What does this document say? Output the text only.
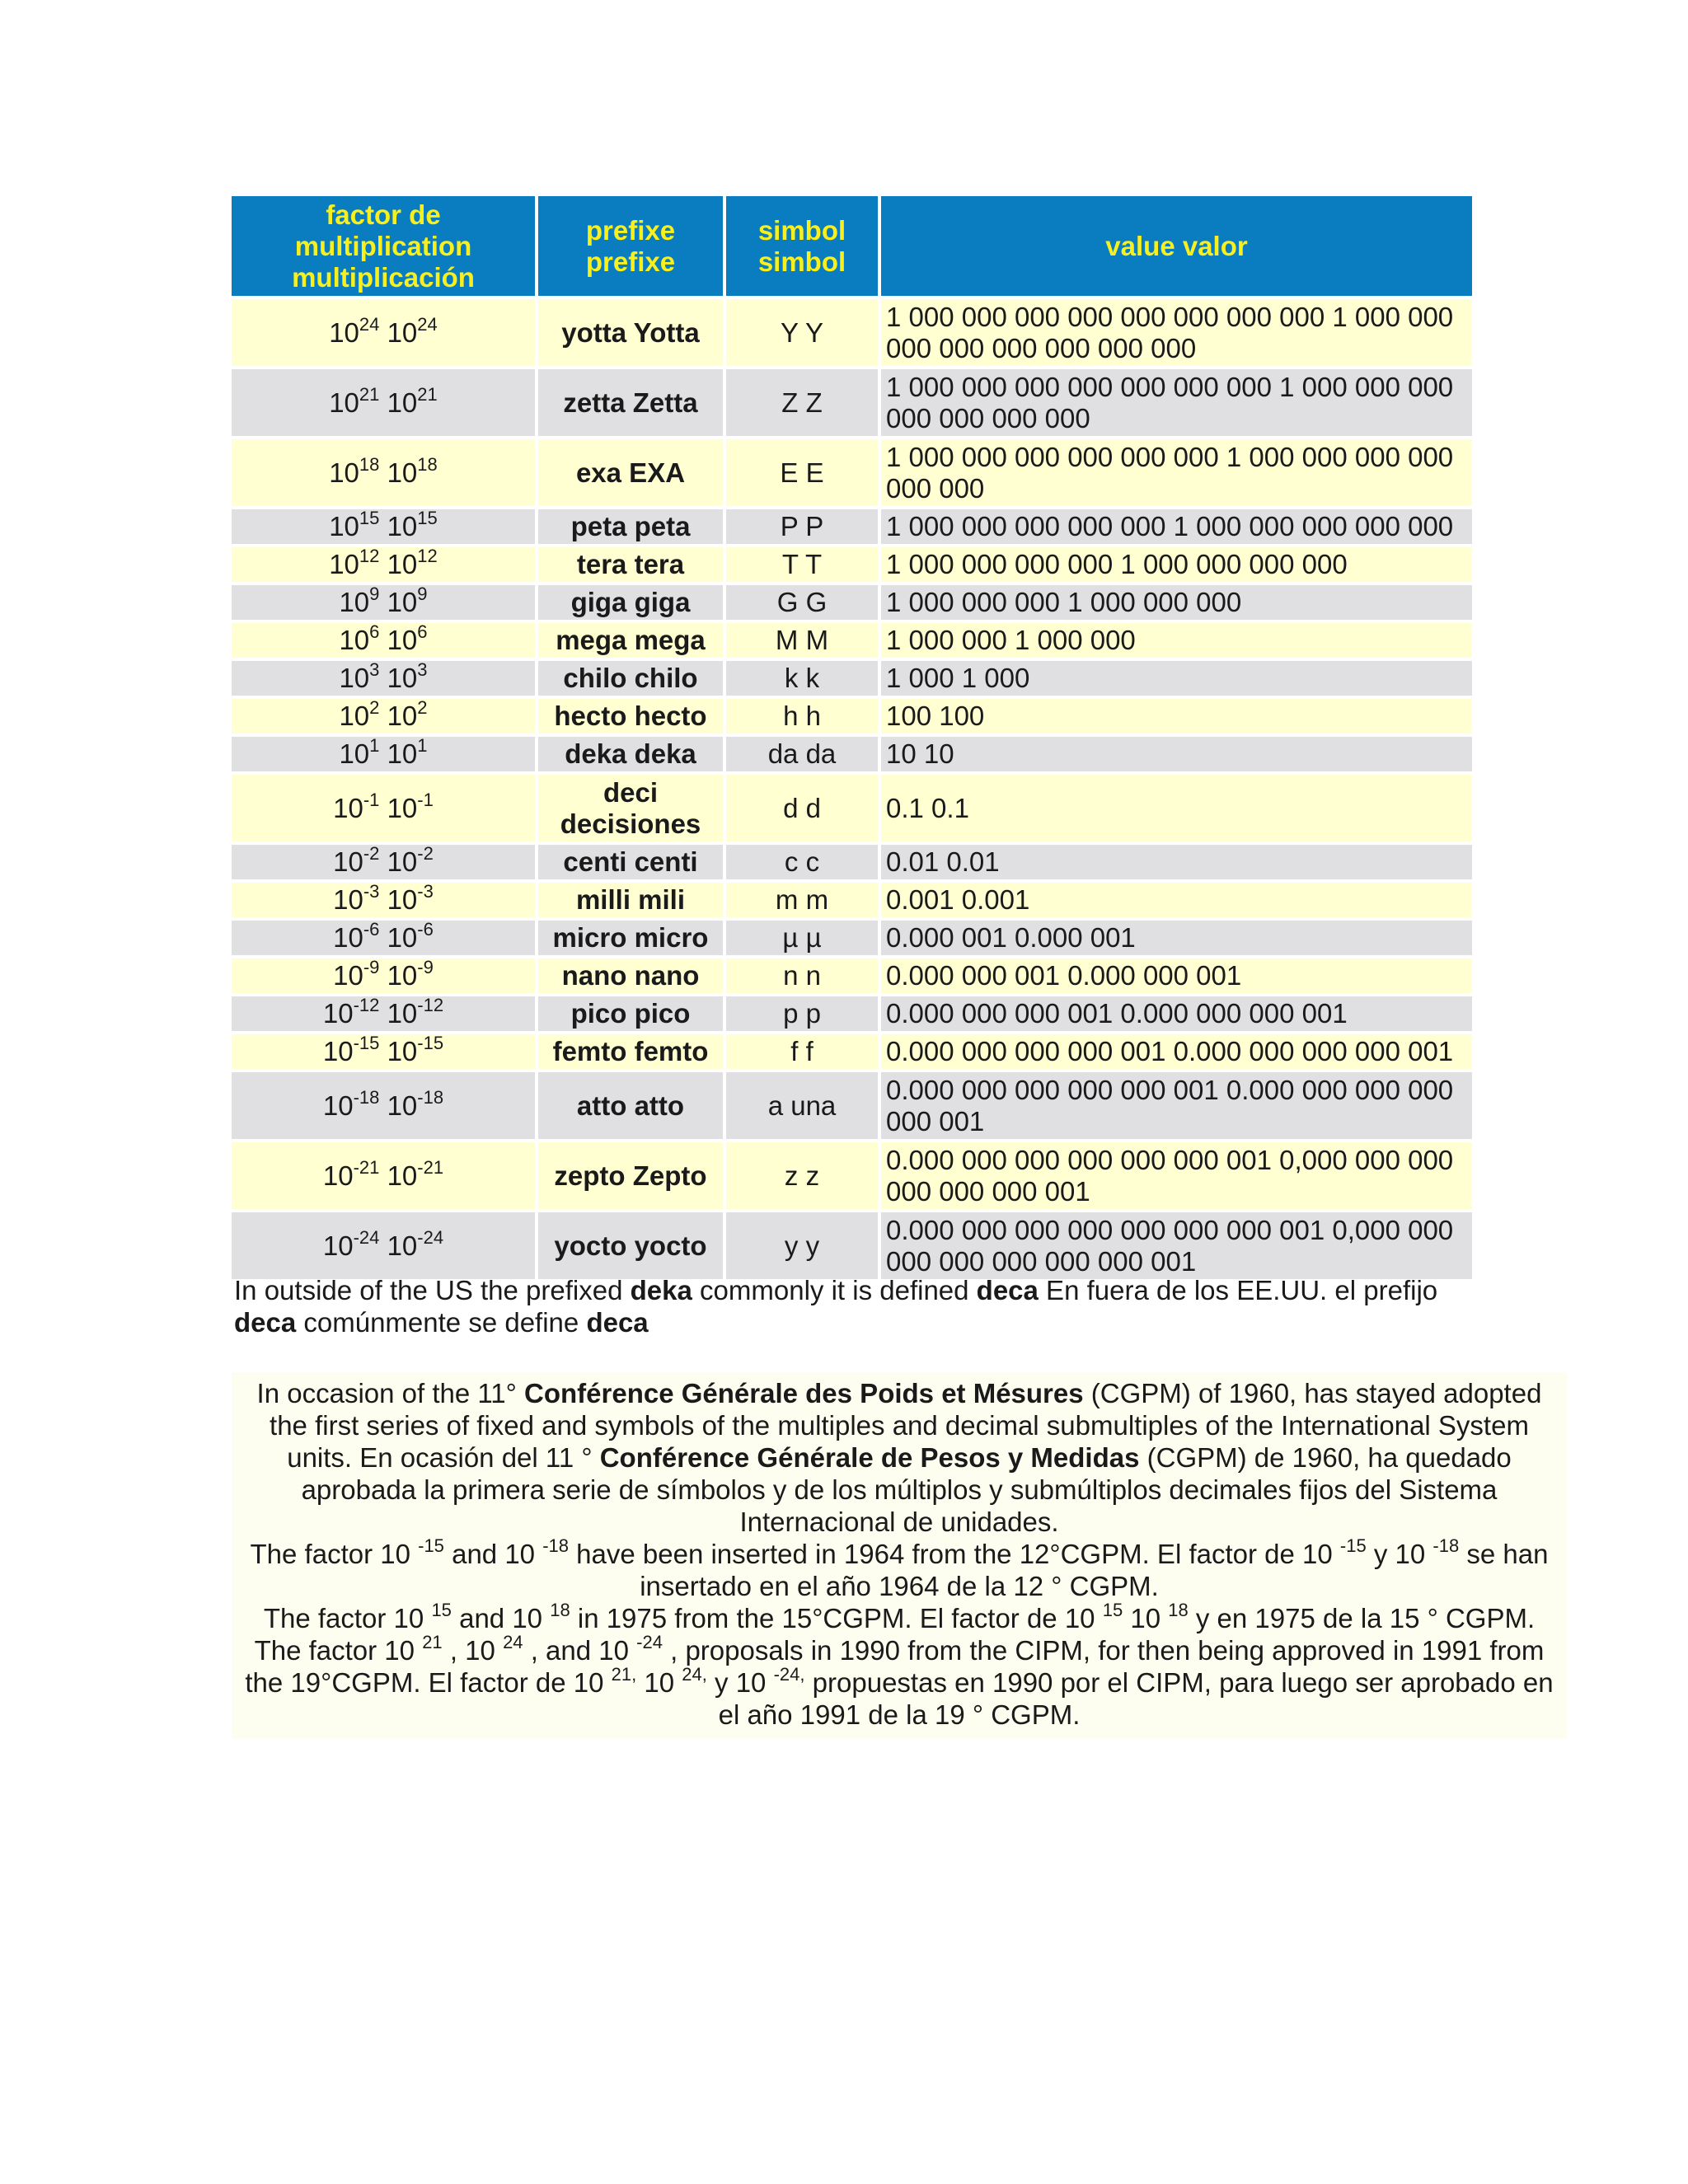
factor de multiplication multiplicación	prefixe prefixe	simbol simbol	value valor
$10^{24}$ $10^{24}$	yotta Yotta	Y Y	1 000 000 000 000 000 000 000 000 1 000 000 000 000 000 000 000 000
$10^{21}$ $10^{21}$	zetta Zetta	Z Z	1 000 000 000 000 000 000 000 1 000 000 000 000 000 000 000
$10^{18}$ $10^{18}$	exa EXA	E E	1 000 000 000 000 000 000 1 000 000 000 000 000 000
$10^{15}$ $10^{15}$	peta peta	P P	1 000 000 000 000 000 1 000 000 000 000 000
$10^{12}$ $10^{12}$	tera tera	T T	1 000 000 000 000 1 000 000 000 000
$10^9$ $10^9$	giga giga	G G	1 000 000 000 1 000 000 000
$10^6$ $10^6$	mega mega	M M	1 000 000 1 000 000
$10^3$ $10^3$	chilo chilo	k k	1 000 1 000
$10^2$ $10^2$	hecto hecto	h h	100 100
$10^1$ $10^1$	deka deka	da da	10 10
$10^{-1}$ $10^{-1}$	deci decisiones	d d	0.1 0.1
$10^{-2}$ $10^{-2}$	centi centi	c c	0.01 0.01
$10^{-3}$ $10^{-3}$	milli mili	m m	0.001 0.001
$10^{-6}$ $10^{-6}$	micro micro	µ µ	0.000 001 0.000 001
$10^{-9}$ $10^{-9}$	nano nano	n n	0.000 000 001 0.000 000 001
$10^{-12}$ $10^{-12}$	pico pico	p p	0.000 000 000 001 0.000 000 000 001
$10^{-15}$ $10^{-15}$	femto femto	f f	0.000 000 000 000 001 0.000 000 000 000 001
$10^{-18}$ $10^{-18}$	atto atto	a una	0.000 000 000 000 000 001 0.000 000 000 000 000 001
$10^{-21}$ $10^{-21}$	zepto Zepto	z z	0.000 000 000 000 000 000 001 0,000 000 000 000 000 000 001
$10^{-24}$ $10^{-24}$	yocto yocto	y y	0.000 000 000 000 000 000 000 001 0,000 000 000 000 000 000 000 001
In outside of the US the prefixed deka commonly it is defined deca En fuera de los EE.UU. el prefijo deca comúnmente se define deca

In occasion of the 11° Conférence Générale des Poids et Mésures (CGPM) of 1960, has stayed adopted the first series of fixed and symbols of the multiples and decimal submultiples of the International System units. En ocasión del 11 ° Conférence Générale de Pesos y Medidas (CGPM) de 1960, ha quedado aprobada la primera serie de símbolos y de los múltiplos y submúltiplos decimales fijos del Sistema Internacional de unidades.

The factor 10 $^{-15}$ and 10 $^{-18}$ have been inserted in 1964 from the 12°CGPM. El factor de 10 $^{-15}$ y 10 $^{-18}$ se han insertado en el año 1964 de la 12 ° CGPM.

The factor 10 $^{15}$ and 10 $^{18}$ in 1975 from the 15°CGPM. El factor de 10 $^{15}$ 10 $^{18}$ y en 1975 de la 15 ° CGPM.

The factor 10 $^{21}$ , 10 $^{24}$ , and 10 $^{-24}$ , proposals in 1990 from the CIPM, for then being approved in 1991 from the 19°CGPM. El factor de 10 $^{21,}$ 10 $^{24,}$ y 10 $^{-24,}$ propuestas en 1990 por el CIPM, para luego ser aprobado en el año 1991 de la 19 ° CGPM.
